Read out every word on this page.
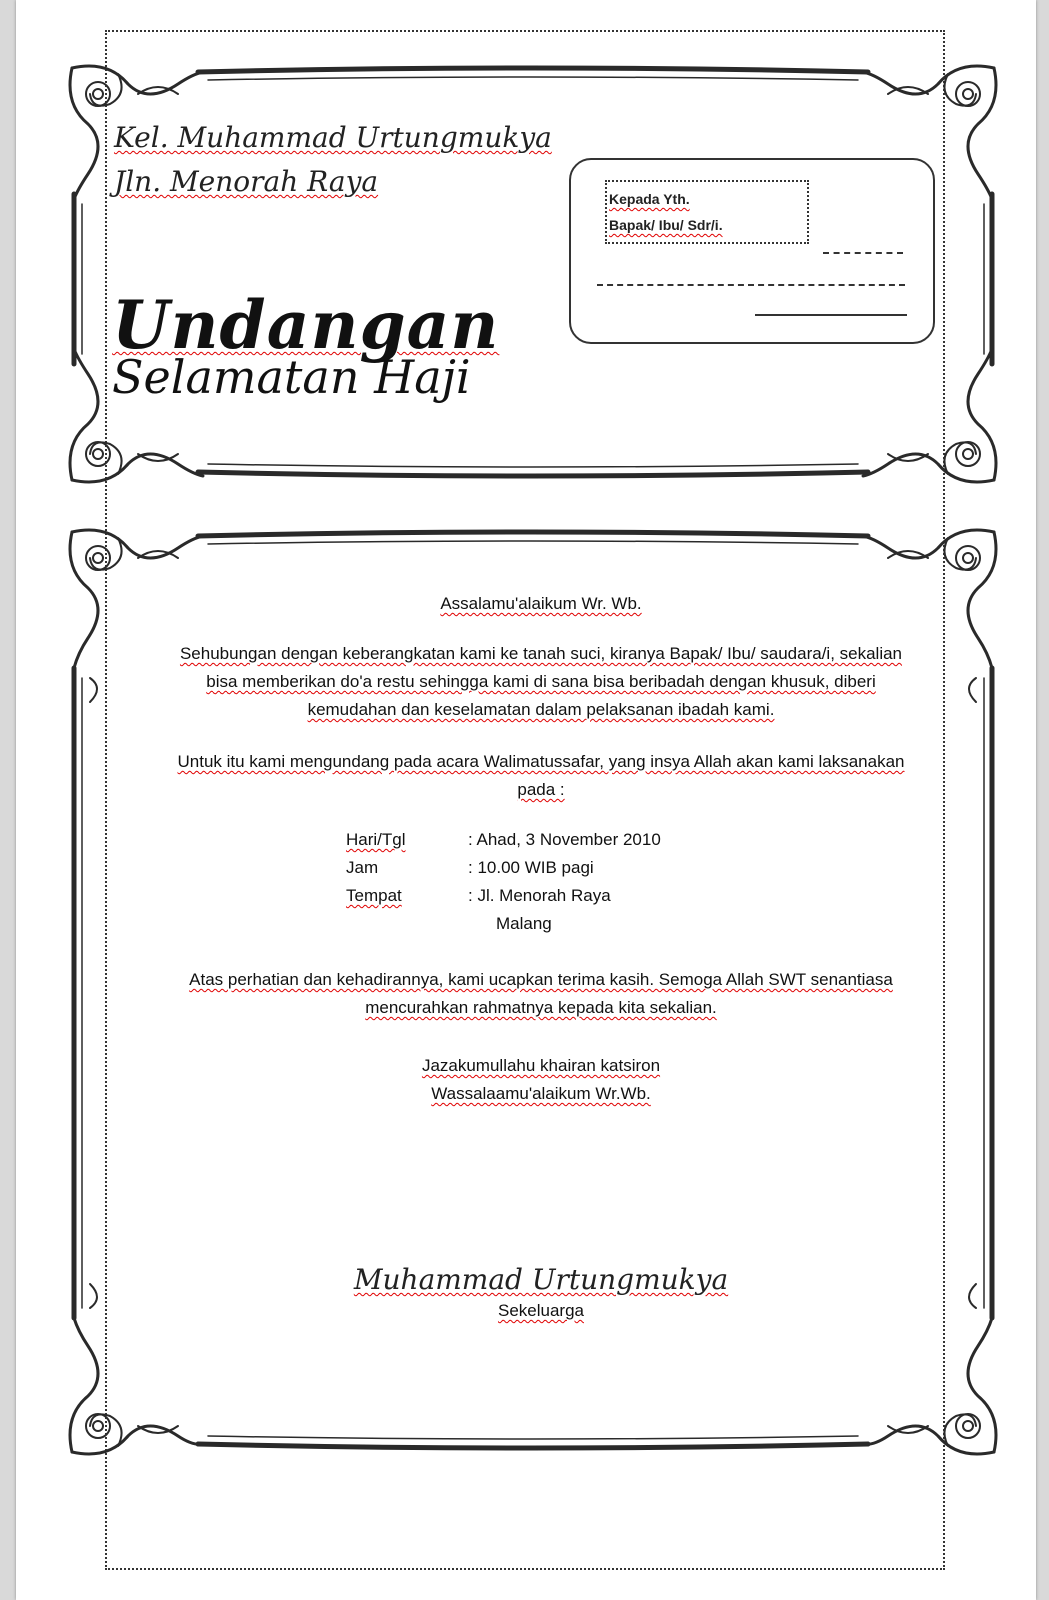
Kel. Muhammad Urtungmukya
Jln. Menorah Raya
Undangan
Selamatan Haji
Kepada Yth.
Bapak/ Ibu/ Sdr/i.

Assalamu'alaikum Wr. Wb.

Sehubungan dengan keberangkatan kami ke tanah suci, kiranya Bapak/ Ibu/ saudara/i, sekalian bisa memberikan do'a restu sehingga kami di sana bisa beribadah dengan khusuk, diberi kemudahan dan keselamatan dalam pelaksanan ibadah kami.

Untuk itu kami mengundang pada acara Walimatussafar, yang insya Allah akan kami laksanakan pada :

Hari/Tgl	: Ahad, 3 November 2010
Jam	: 10.00 WIB pagi
Tempat	: Jl. Menorah Raya
Malang

Atas perhatian dan kehadirannya, kami ucapkan terima kasih. Semoga Allah SWT senantiasa mencurahkan rahmatnya kepada kita sekalian.

Jazakumullahu khairan katsiron

Wassalaamu'alaikum Wr.Wb.

Muhammad Urtungmukya
Sekeluarga
